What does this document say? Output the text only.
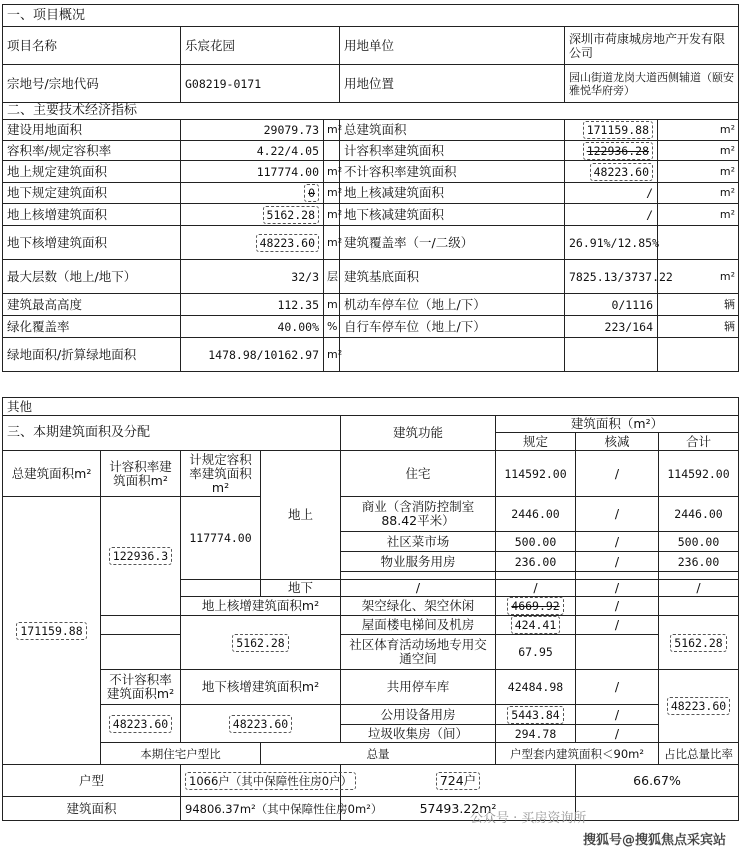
一、项目概况					
项目名称	乐宸花园		用地单位	深圳市荷康城房地产开发有限公司	
宗地号/宗地代码	G08219-0171		用地位置	园山街道龙岗大道西侧辅道（颐安雅悦华府旁）	
二、主要技术经济指标					
建设用地面积	29079.73	m²	总建筑面积	171159.88	m²
容积率/规定容积率	4.22/4.05		计容积率建筑面积	122936.28	m²
地上规定建筑面积	117774.00	m²	不计容积率建筑面积	48223.60	m²
地下规定建筑面积	0	m²	地上核减建筑面积	/	m²
地上核增建筑面积	5162.28	m²	地下核减建筑面积	/	m²
地下核增建筑面积	48223.60	m²	建筑覆盖率（一/二级）	26.91%/12.85%	
最大层数（地上/地下）	32/3	层	建筑基底面积	7825.13/3737.22	m²
建筑最高高度	112.35	m	机动车停车位（地上/下）	0/1116	辆
绿化覆盖率	40.00%	%	自行车停车位（地上/下）	223/164	辆
绿地面积/折算绿地面积	1478.98/10162.97	m²			
其他							
三、本期建筑面积及分配				建筑功能	建筑面积（m²）		
					规定	核减	合计
总建筑面积m²	计容积率建筑面积m²	计规定容积率建筑面积m²	地上	住宅	114592.00	/	114592.00
171159.88	122936.3	117774.00		商业（含消防控制室88.42平米）	2446.00	/	2446.00
				社区菜市场	500.00	/	500.00
				物业服务用房	236.00	/	236.00

			地下	/	/	/	/
		地上核增建筑面积m²		架空绿化、架空休闲	4669.92	/	
		5162.28		屋面楼电梯间及机房	424.41	/	5162.28
				社区体育活动场地专用交通空间	67.95		
	不计容积率建筑面积m²	地下核增建筑面积m²		共用停车库	42484.98	/	48223.60
	48223.60	48223.60		公用设备用房	5443.84	/	
				垃圾收集房（间）	294.78	/	
	本期住宅户型比		总量		户型套内建筑面积＜90m²		占比总量比率
户型		1066户（其中保障性住房0户）		724户		66.67%	
建筑面积		94806.37m²（其中保障性住房0m²）		57493.22m²			
公众号 · 买房资询所
搜狐号@搜狐焦点采宾站
